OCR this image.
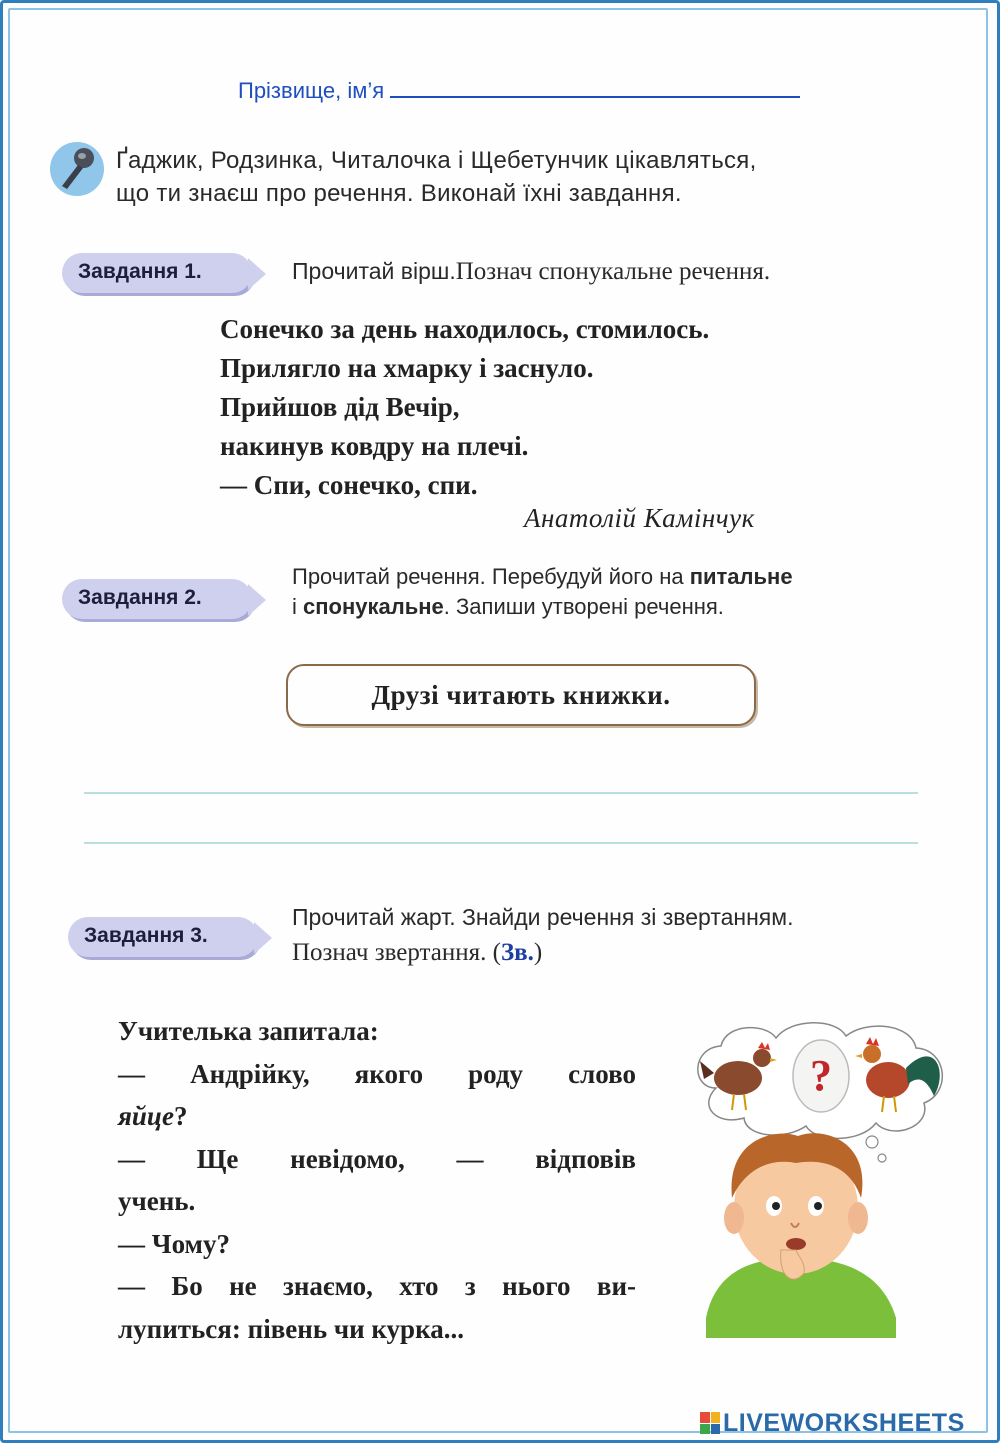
Прізвище, ім’я
Ґаджик, Родзинка, Читалочка і Щебетунчик цікавляться,
що ти знаєш про речення. Виконай їхні завдання.
Завдання 1.	Прочитай вірш.Познач спонукальне речення.
Сонечко за день находилось, стомилось.
Прилягло на хмарку і заснуло.
Прийшов дід Вечір,
накинув ковдру на плечі.
— Спи, сонечко, спи.
Анатолій Камінчук
Завдання 2.
Прочитай речення. Перебудуй його на питальне
і спонукальне. Запиши утворені речення.
Друзі читають книжки.
Завдання 3.
Прочитай жарт. Знайди речення зі звертанням.
Познач звертання. (Зв.)
Учителька запитала:
— Андрійку, якого роду слово
яйце?
— Ще невідомо, — відповів
учень.
— Чому?
— Бо не знаємо, хто з нього ви-
лупиться: півень чи курка...
?
LIVEWORKSHEETS
